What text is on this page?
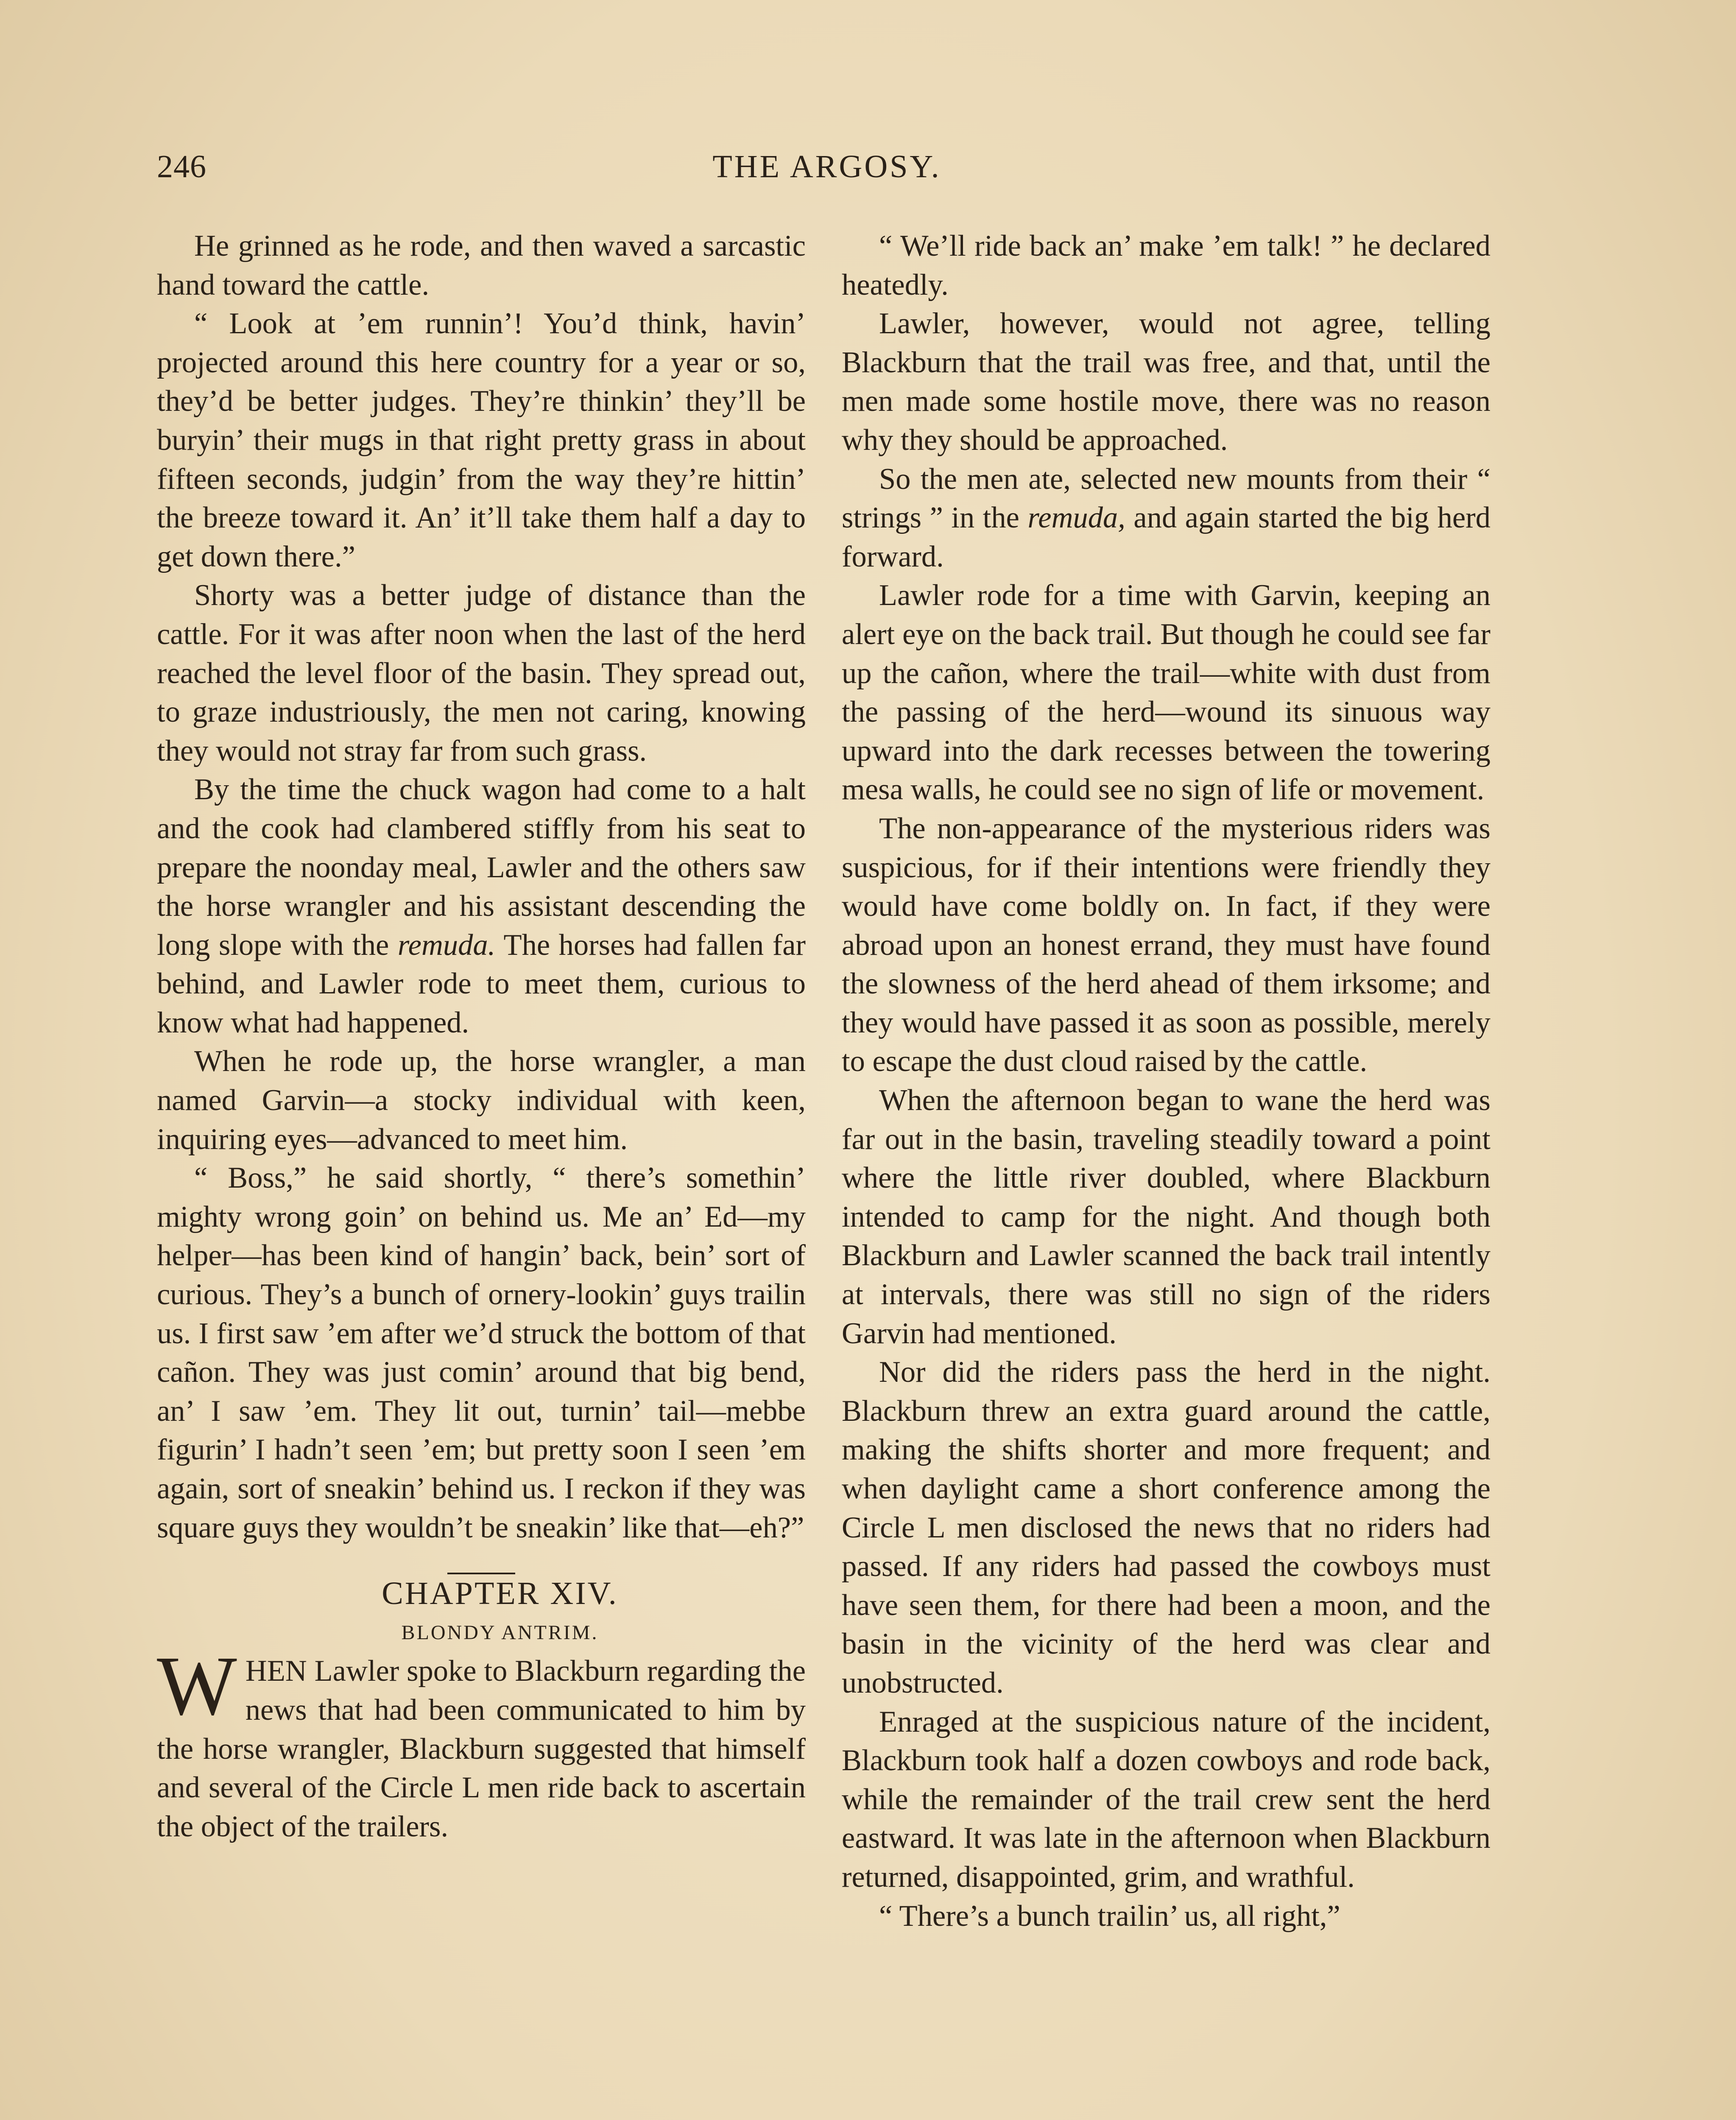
246	THE ARGOSY.

He grinned as he rode, and then waved a sarcastic hand toward the cattle.

“ Look at ’em runnin’! You’d think, havin’ projected around this here country for a year or so, they’d be better judges. They’re thinkin’ they’ll be buryin’ their mugs in that right pretty grass in about fifteen seconds, judgin’ from the way they’re hittin’ the breeze toward it. An’ it’ll take them half a day to get down there.”

Shorty was a better judge of distance than the cattle. For it was after noon when the last of the herd reached the level floor of the basin. They spread out, to graze industriously, the men not caring, knowing they would not stray far from such grass.

By the time the chuck wagon had come to a halt and the cook had clambered stiffly from his seat to prepare the noonday meal, Lawler and the others saw the horse wrangler and his assistant descending the long slope with the remuda. The horses had fallen far behind, and Lawler rode to meet them, curious to know what had happened.

When he rode up, the horse wrangler, a man named Garvin—a stocky individual with keen, inquiring eyes—advanced to meet him.

“ Boss,” he said shortly, “ there’s somethin’ mighty wrong goin’ on behind us. Me an’ Ed—my helper—has been kind of hangin’ back, bein’ sort of curious. They’s a bunch of ornery-lookin’ guys trailin us. I first saw ’em after we’d struck the bottom of that cañon. They was just comin’ around that big bend, an’ I saw ’em. They lit out, turnin’ tail—mebbe figurin’ I hadn’t seen ’em; but pretty soon I seen ’em again, sort of sneakin’ behind us. I reckon if they was square guys they wouldn’t be sneakin’ like that—eh?”

CHAPTER XIV.

BLONDY ANTRIM.

WHEN Lawler spoke to Blackburn regarding the news that had been communicated to him by the horse wrangler, Blackburn suggested that himself and several of the Circle L men ride back to ascertain the object of the trailers.

“ We’ll ride back an’ make ’em talk! ” he declared heatedly.

Lawler, however, would not agree, telling Blackburn that the trail was free, and that, until the men made some hostile move, there was no reason why they should be approached.

So the men ate, selected new mounts from their “ strings ” in the remuda, and again started the big herd forward.

Lawler rode for a time with Garvin, keeping an alert eye on the back trail. But though he could see far up the cañon, where the trail—white with dust from the passing of the herd—wound its sinuous way upward into the dark recesses between the towering mesa walls, he could see no sign of life or movement.

The non-appearance of the mysterious riders was suspicious, for if their intentions were friendly they would have come boldly on. In fact, if they were abroad upon an honest errand, they must have found the slowness of the herd ahead of them irksome; and they would have passed it as soon as possible, merely to escape the dust cloud raised by the cattle.

When the afternoon began to wane the herd was far out in the basin, traveling steadily toward a point where the little river doubled, where Blackburn intended to camp for the night. And though both Blackburn and Lawler scanned the back trail intently at intervals, there was still no sign of the riders Garvin had mentioned.

Nor did the riders pass the herd in the night. Blackburn threw an extra guard around the cattle, making the shifts shorter and more frequent; and when daylight came a short conference among the Circle L men disclosed the news that no riders had passed. If any riders had passed the cowboys must have seen them, for there had been a moon, and the basin in the vicinity of the herd was clear and unobstructed.

Enraged at the suspicious nature of the incident, Blackburn took half a dozen cowboys and rode back, while the remainder of the trail crew sent the herd eastward. It was late in the afternoon when Blackburn returned, disappointed, grim, and wrathful.

“ There’s a bunch trailin’ us, all right,”
